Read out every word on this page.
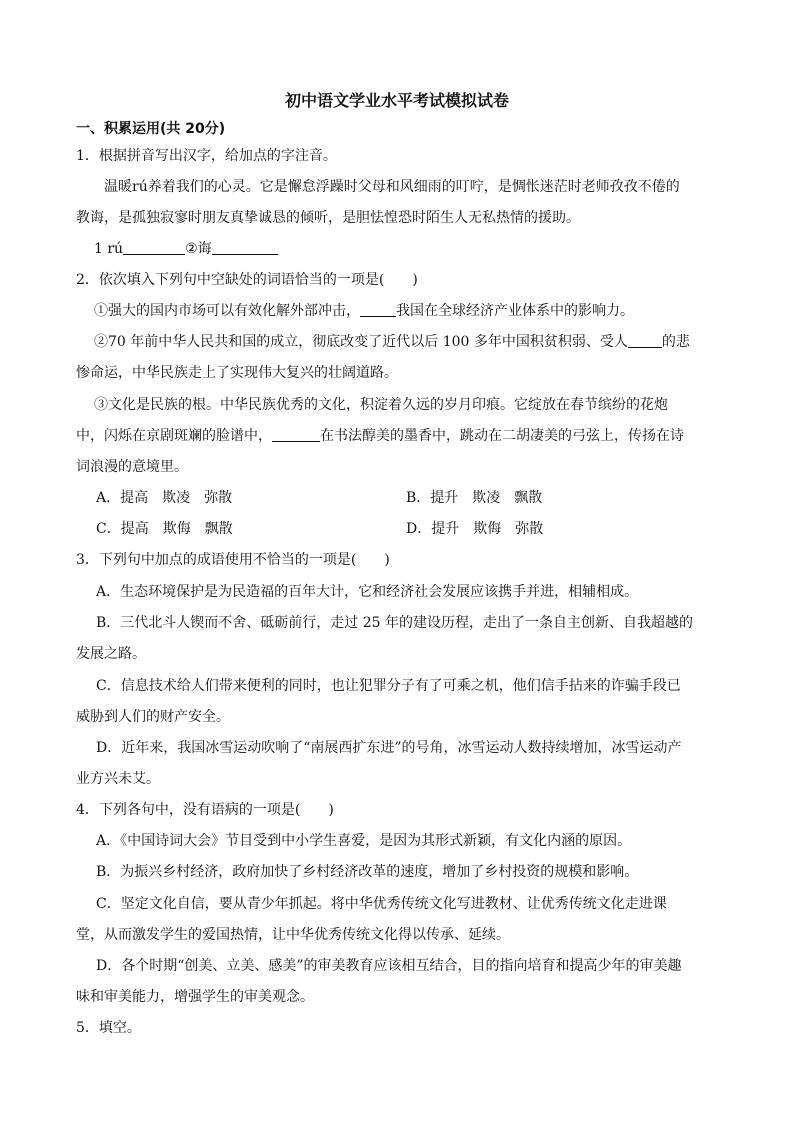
初中语文学业水平考试模拟试卷
一、积累运用(共 20分)
1．根据拼音写出汉字，给加点的字注音。
温暖rú养着我们的心灵。它是懈怠浮躁时父母和风细雨的叮咛，是惆怅迷茫时老师孜孜不倦的
教诲，是孤独寂寥时朋友真挚诚恳的倾听，是胆怯惶恐时陌生人无私热情的援助。
1 rú	②诲
2．依次填入下列句中空缺处的词语恰当的一项是(　　)
①强大的国内市场可以有效化解外部冲击，	我国在全球经济产业体系中的影响力。
②70 年前中华人民共和国的成立，彻底改变了近代以后 100 多年中国积贫积弱、受人 的悲
惨命运，中华民族走上了实现伟大复兴的壮阔道路。
③文化是民族的根。中华民族优秀的文化，积淀着久远的岁月印痕。它绽放在春节缤纷的花炮
中，闪烁在京剧斑斓的脸谱中，	在书法醇美的墨香中，跳动在二胡凄美的弓弦上，传扬在诗
词浪漫的意境里。
A．提高　欺凌　弥散	B．提升　欺凌　飘散
C．提高　欺侮　飘散	D．提升　欺侮　弥散
3．下列句中加点的成语使用不恰当的一项是(　　)
A．生态环境保护是为民造福的百年大计，它和经济社会发展应该携手并进，相辅相成。
B．三代北斗人锲而不舍、砥砺前行，走过 25 年的建设历程，走出了一条自主创新、自我超越的
发展之路。
C．信息技术给人们带来便利的同时，也让犯罪分子有了可乘之机，他们信手拈来的诈骗手段已
威胁到人们的财产安全。
D．近年来，我国冰雪运动吹响了“南展西扩东进”的号角，冰雪运动人数持续增加，冰雪运动产
业方兴未艾。
4．下列各句中，没有语病的一项是(　　)
A．《中国诗词大会》节目受到中小学生喜爱，是因为其形式新颖，有文化内涵的原因。
B．为振兴乡村经济，政府加快了乡村经济改革的速度，增加了乡村投资的规模和影响。
C．坚定文化自信，要从青少年抓起。将中华优秀传统文化写进教材、让优秀传统文化走进课
堂，从而激发学生的爱国热情，让中华优秀传统文化得以传承、延续。
D．各个时期“创美、立美、感美”的审美教育应该相互结合，目的指向培育和提高少年的审美趣
味和审美能力，增强学生的审美观念。
5．填空。
